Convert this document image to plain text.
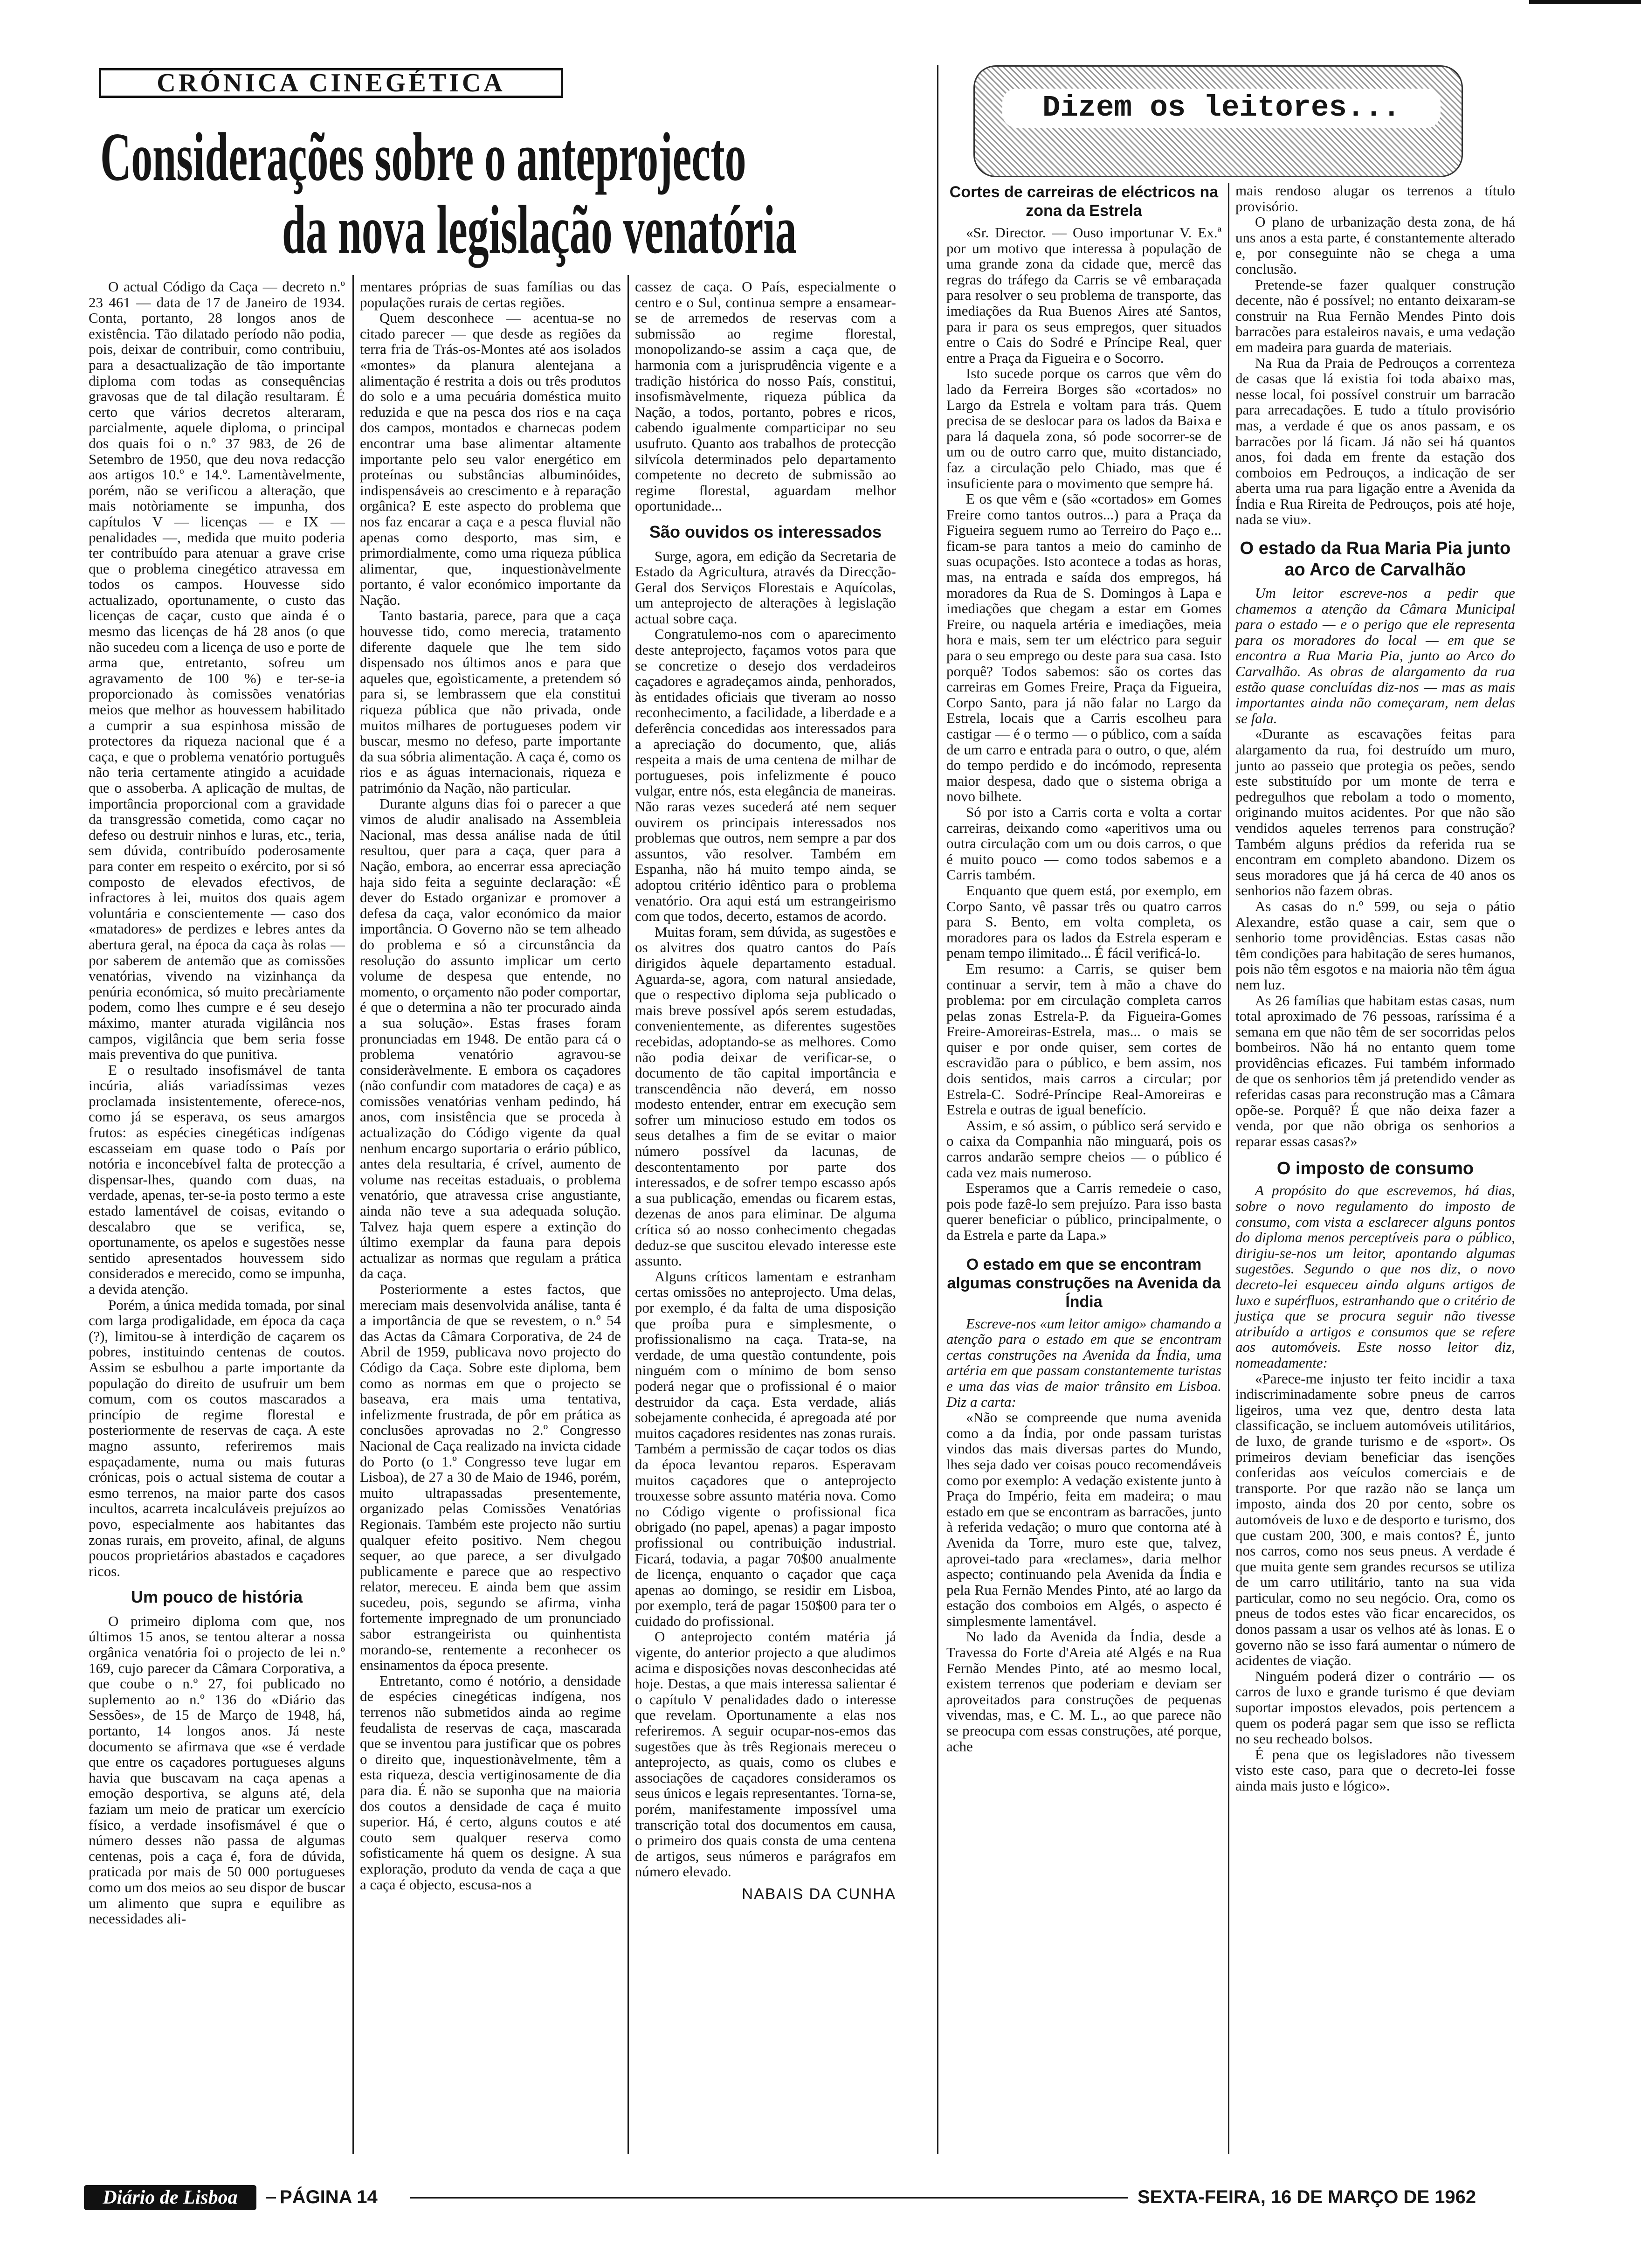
CRÓNICA CINEGÉTICA
Considerações sobre o anteprojecto
da nova legislação venatória

O actual Código da Caça — decreto n.º 23 461 — data de 17 de Janeiro de 1934. Conta, portanto, 28 longos anos de existência. Tão dilatado período não podia, pois, deixar de contribuir, como contribuiu, para a desactualização de tão importante diploma com todas as consequências gravosas que de tal dilação resultaram. É certo que vários decretos alteraram, parcialmente, aquele diploma, o principal dos quais foi o n.º 37 983, de 26 de Setembro de 1950, que deu nova redacção aos artigos 10.º e 14.º. Lamentàvelmente, porém, não se verificou a alteração, que mais notòriamente se impunha, dos capítulos V — licenças — e IX — penalidades —, medida que muito poderia ter contribuído para atenuar a grave crise que o problema cinegético atravessa em todos os campos. Houvesse sido actualizado, oportunamente, o custo das licenças de caçar, custo que ainda é o mesmo das licenças de há 28 anos (o que não sucedeu com a licença de uso e porte de arma que, entretanto, sofreu um agravamento de 100 %) e ter-se-ia proporcionado às comissões venatórias meios que melhor as houvessem habilitado a cumprir a sua espinhosa missão de protectores da riqueza nacional que é a caça, e que o problema venatório português não teria certamente atingido a acuidade que o assoberba. A aplicação de multas, de importância proporcional com a gravidade da transgressão cometida, como caçar no defeso ou destruir ninhos e luras, etc., teria, sem dúvida, contribuído poderosamente para conter em respeito o exército, por si só composto de elevados efectivos, de infractores à lei, muitos dos quais agem voluntária e conscientemente — caso dos «matadores» de perdizes e lebres antes da abertura geral, na época da caça às rolas — por saberem de antemão que as comissões venatórias, vivendo na vizinhança da penúria económica, só muito precàriamente podem, como lhes cumpre e é seu desejo máximo, manter aturada vigilância nos campos, vigilância que bem seria fosse mais preventiva do que punitiva.

E o resultado insofismável de tanta incúria, aliás variadíssimas vezes proclamada insistentemente, oferece-nos, como já se esperava, os seus amargos frutos: as espécies cinegéticas indígenas escasseiam em quase todo o País por notória e inconcebível falta de protecção a dispensar-lhes, quando com duas, na verdade, apenas, ter-se-ia posto termo a este estado lamentável de coisas, evitando o descalabro que se verifica, se, oportunamente, os apelos e sugestões nesse sentido apresentados houvessem sido considerados e merecido, como se impunha, a devida atenção.

Porém, a única medida tomada, por sinal com larga prodigalidade, em época da caça (?), limitou-se à interdição de caçarem os pobres, instituindo centenas de coutos. Assim se esbulhou a parte importante da população do direito de usufruir um bem comum, com os coutos mascarados a princípio de regime florestal e posteriormente de reservas de caça. A este magno assunto, referiremos mais espaçadamente, numa ou mais futuras crónicas, pois o actual sistema de coutar a esmo terrenos, na maior parte dos casos incultos, acarreta incalculáveis prejuízos ao povo, especialmente aos habitantes das zonas rurais, em proveito, afinal, de alguns poucos proprietários abastados e caçadores ricos.

Um pouco de história

O primeiro diploma com que, nos últimos 15 anos, se tentou alterar a nossa orgânica venatória foi o projecto de lei n.º 169, cujo parecer da Câmara Corporativa, a que coube o n.º 27, foi publicado no suplemento ao n.º 136 do «Diário das Sessões», de 15 de Março de 1948, há, portanto, 14 longos anos. Já neste documento se afirmava que «se é verdade que entre os caçadores portugueses alguns havia que buscavam na caça apenas a emoção desportiva, se alguns até, dela faziam um meio de praticar um exercício físico, a verdade insofismável é que o número desses não passa de algumas centenas, pois a caça é, fora de dúvida, praticada por mais de 50 000 portugueses como um dos meios ao seu dispor de buscar um alimento que supra e equilibre as necessidades ali-

mentares próprias de suas famílias ou das populações rurais de certas regiões.

Quem desconhece — acentua-se no citado parecer — que desde as regiões da terra fria de Trás-os-Montes até aos isolados «montes» da planura alentejana a alimentação é restrita a dois ou três produtos do solo e a uma pecuária doméstica muito reduzida e que na pesca dos rios e na caça dos campos, montados e charnecas podem encontrar uma base alimentar altamente importante pelo seu valor energético em proteínas ou substâncias albuminóides, indispensáveis ao crescimento e à reparação orgânica? E este aspecto do problema que nos faz encarar a caça e a pesca fluvial não apenas como desporto, mas sim, e primordialmente, como uma riqueza pública alimentar, que, inquestionàvelmente portanto, é valor económico importante da Nação.

Tanto bastaria, parece, para que a caça houvesse tido, como merecia, tratamento diferente daquele que lhe tem sido dispensado nos últimos anos e para que aqueles que, egoìsticamente, a pretendem só para si, se lembrassem que ela constitui riqueza pública que não privada, onde muitos milhares de portugueses podem vir buscar, mesmo no defeso, parte importante da sua sóbria alimentação. A caça é, como os rios e as águas internacionais, riqueza e património da Nação, não particular.

Durante alguns dias foi o parecer a que vimos de aludir analisado na Assembleia Nacional, mas dessa análise nada de útil resultou, quer para a caça, quer para a Nação, embora, ao encerrar essa apreciação haja sido feita a seguinte declaração: «É dever do Estado organizar e promover a defesa da caça, valor económico da maior importância. O Governo não se tem alheado do problema e só a circunstância da resolução do assunto implicar um certo volume de despesa que entende, no momento, o orçamento não poder comportar, é que o determina a não ter procurado ainda a sua solução». Estas frases foram pronunciadas em 1948. De então para cá o problema venatório agravou-se consideràvelmente. E embora os caçadores (não confundir com matadores de caça) e as comissões venatórias venham pedindo, há anos, com insistência que se proceda à actualização do Código vigente da qual nenhum encargo suportaria o erário público, antes dela resultaria, é crível, aumento de volume nas receitas estaduais, o problema venatório, que atravessa crise angustiante, ainda não teve a sua adequada solução. Talvez haja quem espere a extinção do último exemplar da fauna para depois actualizar as normas que regulam a prática da caça.

Posteriormente a estes factos, que mereciam mais desenvolvida análise, tanta é a importância de que se revestem, o n.º 54 das Actas da Câmara Corporativa, de 24 de Abril de 1959, publicava novo projecto do Código da Caça. Sobre este diploma, bem como as normas em que o projecto se baseava, era mais uma tentativa, infelizmente frustrada, de pôr em prática as conclusões aprovadas no 2.º Congresso Nacional de Caça realizado na invicta cidade do Porto (o 1.º Congresso teve lugar em Lisboa), de 27 a 30 de Maio de 1946, porém, muito ultrapassadas presentemente, organizado pelas Comissões Venatórias Regionais. Também este projecto não surtiu qualquer efeito positivo. Nem chegou sequer, ao que parece, a ser divulgado publicamente e parece que ao respectivo relator, mereceu. E ainda bem que assim sucedeu, pois, segundo se afirma, vinha fortemente impregnado de um pronunciado sabor estrangeirista ou quinhentista morando-se, rentemente a reconhecer os ensinamentos da época presente.

Entretanto, como é notório, a densidade de espécies cinegéticas indígena, nos terrenos não submetidos ainda ao regime feudalista de reservas de caça, mascarada que se inventou para justificar que os pobres o direito que, inquestionàvelmente, têm a esta riqueza, descia vertiginosamente de dia para dia. É não se suponha que na maioria dos coutos a densidade de caça é muito superior. Há, é certo, alguns coutos e até couto sem qualquer reserva como sofisticamente há quem os designe. A sua exploração, produto da venda de caça a que a caça é objecto, escusa-nos a

cassez de caça. O País, especialmente o centro e o Sul, continua sempre a ensamear-se de arremedos de reservas com a submissão ao regime florestal, monopolizando-se assim a caça que, de harmonia com a jurisprudência vigente e a tradição histórica do nosso País, constitui, insofismàvelmente, riqueza pública da Nação, a todos, portanto, pobres e ricos, cabendo igualmente comparticipar no seu usufruto. Quanto aos trabalhos de protecção silvícola determinados pelo departamento competente no decreto de submissão ao regime florestal, aguardam melhor oportunidade...

São ouvidos os interessados

Surge, agora, em edição da Secretaria de Estado da Agricultura, através da Direcção-Geral dos Serviços Florestais e Aquícolas, um anteprojecto de alterações à legislação actual sobre caça.

Congratulemo-nos com o aparecimento deste anteprojecto, façamos votos para que se concretize o desejo dos verdadeiros caçadores e agradeçamos ainda, penhorados, às entidades oficiais que tiveram ao nosso reconhecimento, a facilidade, a liberdade e a deferência concedidas aos interessados para a apreciação do documento, que, aliás respeita a mais de uma centena de milhar de portugueses, pois infelizmente é pouco vulgar, entre nós, esta elegância de maneiras. Não raras vezes sucederá até nem sequer ouvirem os principais interessados nos problemas que outros, nem sempre a par dos assuntos, vão resolver. Também em Espanha, não há muito tempo ainda, se adoptou critério idêntico para o problema venatório. Ora aqui está um estrangeirismo com que todos, decerto, estamos de acordo.

Muitas foram, sem dúvida, as sugestões e os alvitres dos quatro cantos do País dirigidos àquele departamento estadual. Aguarda-se, agora, com natural ansiedade, que o respectivo diploma seja publicado o mais breve possível após serem estudadas, convenientemente, as diferentes sugestões recebidas, adoptando-se as melhores. Como não podia deixar de verificar-se, o documento de tão capital importância e transcendência não deverá, em nosso modesto entender, entrar em execução sem sofrer um minucioso estudo em todos os seus detalhes a fim de se evitar o maior número possível da lacunas, de descontentamento por parte dos interessados, e de sofrer tempo escasso após a sua publicação, emendas ou ficarem estas, dezenas de anos para eliminar. De alguma crítica só ao nosso conhecimento chegadas deduz-se que suscitou elevado interesse este assunto.

Alguns críticos lamentam e estranham certas omissões no anteprojecto. Uma delas, por exemplo, é da falta de uma disposição que proíba pura e simplesmente, o profissionalismo na caça. Trata-se, na verdade, de uma questão contundente, pois ninguém com o mínimo de bom senso poderá negar que o profissional é o maior destruidor da caça. Esta verdade, aliás sobejamente conhecida, é apregoada até por muitos caçadores residentes nas zonas rurais. Também a permissão de caçar todos os dias da época levantou reparos. Esperavam muitos caçadores que o anteprojecto trouxesse sobre assunto matéria nova. Como no Código vigente o profissional fica obrigado (no papel, apenas) a pagar imposto profissional ou contribuição industrial. Ficará, todavia, a pagar 70$00 anualmente de licença, enquanto o caçador que caça apenas ao domingo, se residir em Lisboa, por exemplo, terá de pagar 150$00 para ter o cuidado do profissional.

O anteprojecto contém matéria já vigente, do anterior projecto a que aludimos acima e disposições novas desconhecidas até hoje. Destas, a que mais interessa salientar é o capítulo V penalidades dado o interesse que revelam. Oportunamente a elas nos referiremos. A seguir ocupar-nos-emos das sugestões que às três Regionais mereceu o anteprojecto, as quais, como os clubes e associações de caçadores consideramos os seus únicos e legais representantes. Torna-se, porém, manifestamente impossível uma transcrição total dos documentos em causa, o primeiro dos quais consta de uma centena de artigos, seus números e parágrafos em número elevado.

NABAIS DA CUNHA
Dizem os leitores...
Cortes de carreiras de eléctricos na zona da Estrela

«Sr. Director. — Ouso importunar V. Ex.ª por um motivo que interessa à população de uma grande zona da cidade que, mercê das regras do tráfego da Carris se vê embaraçada para resolver o seu problema de transporte, das imediações da Rua Buenos Aires até Santos, para ir para os seus empregos, quer situados entre o Cais do Sodré e Príncipe Real, quer entre a Praça da Figueira e o Socorro.

Isto sucede porque os carros que vêm do lado da Ferreira Borges são «cortados» no Largo da Estrela e voltam para trás. Quem precisa de se deslocar para os lados da Baixa e para lá daquela zona, só pode socorrer-se de um ou de outro carro que, muito distanciado, faz a circulação pelo Chiado, mas que é insuficiente para o movimento que sempre há.

E os que vêm e (são «cortados» em Gomes Freire como tantos outros...) para a Praça da Figueira seguem rumo ao Terreiro do Paço e... ficam-se para tantos a meio do caminho de suas ocupações. Isto acontece a todas as horas, mas, na entrada e saída dos empregos, há moradores da Rua de S. Domingos à Lapa e imediações que chegam a estar em Gomes Freire, ou naquela artéria e imediações, meia hora e mais, sem ter um eléctrico para seguir para o seu emprego ou deste para sua casa. Isto porquê? Todos sabemos: são os cortes das carreiras em Gomes Freire, Praça da Figueira, Corpo Santo, para já não falar no Largo da Estrela, locais que a Carris escolheu para castigar — é o termo — o público, com a saída de um carro e entrada para o outro, o que, além do tempo perdido e do incómodo, representa maior despesa, dado que o sistema obriga a novo bilhete.

Só por isto a Carris corta e volta a cortar carreiras, deixando como «aperitivos uma ou outra circulação com um ou dois carros, o que é muito pouco — como todos sabemos e a Carris também.

Enquanto que quem está, por exemplo, em Corpo Santo, vê passar três ou quatro carros para S. Bento, em volta completa, os moradores para os lados da Estrela esperam e penam tempo ilimitado... É fácil verificá-lo.

Em resumo: a Carris, se quiser bem continuar a servir, tem à mão a chave do problema: por em circulação completa carros pelas zonas Estrela-P. da Figueira-Gomes Freire-Amoreiras-Estrela, mas... o mais se quiser e por onde quiser, sem cortes de escravidão para o público, e bem assim, nos dois sentidos, mais carros a circular; por Estrela-C. Sodré-Príncipe Real-Amoreiras e Estrela e outras de igual benefício.

Assim, e só assim, o público será servido e o caixa da Companhia não minguará, pois os carros andarão sempre cheios — o público é cada vez mais numeroso.

Esperamos que a Carris remedeie o caso, pois pode fazê-lo sem prejuízo. Para isso basta querer beneficiar o público, principalmente, o da Estrela e parte da Lapa.»

O estado em que se encontram algumas construções na Avenida da Índia

Escreve-nos «um leitor amigo» chamando a atenção para o estado em que se encontram certas construções na Avenida da Índia, uma artéria em que passam constantemente turistas e uma das vias de maior trânsito em Lisboa. Diz a carta:

«Não se compreende que numa avenida como a da Índia, por onde passam turistas vindos das mais diversas partes do Mundo, lhes seja dado ver coisas pouco recomendáveis como por exemplo: A vedação existente junto à Praça do Império, feita em madeira; o mau estado em que se encontram as barracões, junto à referida vedação; o muro que contorna até à Avenida da Torre, muro este que, talvez, aprovei-tado para «reclames», daria melhor aspecto; continuando pela Avenida da Índia e pela Rua Fernão Mendes Pinto, até ao largo da estação dos comboios em Algés, o aspecto é simplesmente lamentável.

No lado da Avenida da Índia, desde a Travessa do Forte d'Areia até Algés e na Rua Fernão Mendes Pinto, até ao mesmo local, existem terrenos que poderiam e deviam ser aproveitados para construções de pequenas vivendas, mas, e C. M. L., ao que parece não se preocupa com essas construções, até porque, ache

mais rendoso alugar os terrenos a título provisório.

O plano de urbanização desta zona, de há uns anos a esta parte, é constantemente alterado e, por conseguinte não se chega a uma conclusão.

Pretende-se fazer qualquer construção decente, não é possível; no entanto deixaram-se construir na Rua Fernão Mendes Pinto dois barracões para estaleiros navais, e uma vedação em madeira para guarda de materiais.

Na Rua da Praia de Pedrouços a correnteza de casas que lá existia foi toda abaixo mas, nesse local, foi possível construir um barracão para arrecadações. E tudo a título provisório mas, a verdade é que os anos passam, e os barracões por lá ficam. Já não sei há quantos anos, foi dada em frente da estação dos comboios em Pedrouços, a indicação de ser aberta uma rua para ligação entre a Avenida da Índia e Rua Rireita de Pedrouços, pois até hoje, nada se viu».

O estado da Rua Maria Pia junto ao Arco de Carvalhão

Um leitor escreve-nos a pedir que chamemos a atenção da Câmara Municipal para o estado — e o perigo que ele representa para os moradores do local — em que se encontra a Rua Maria Pia, junto ao Arco do Carvalhão. As obras de alargamento da rua estão quase concluídas diz-nos — mas as mais importantes ainda não começaram, nem delas se fala.

«Durante as escavações feitas para alargamento da rua, foi destruído um muro, junto ao passeio que protegia os peões, sendo este substituído por um monte de terra e pedregulhos que rebolam a todo o momento, originando muitos acidentes. Por que não são vendidos aqueles terrenos para construção? Também alguns prédios da referida rua se encontram em completo abandono. Dizem os seus moradores que já há cerca de 40 anos os senhorios não fazem obras.

As casas do n.º 599, ou seja o pátio Alexandre, estão quase a cair, sem que o senhorio tome providências. Estas casas não têm condições para habitação de seres humanos, pois não têm esgotos e na maioria não têm água nem luz.

As 26 famílias que habitam estas casas, num total aproximado de 76 pessoas, raríssima é a semana em que não têm de ser socorridas pelos bombeiros. Não há no entanto quem tome providências eficazes. Fui também informado de que os senhorios têm já pretendido vender as referidas casas para reconstrução mas a Câmara opõe-se. Porquê? É que não deixa fazer a venda, por que não obriga os senhorios a reparar essas casas?»

O imposto de consumo

A propósito do que escrevemos, há dias, sobre o novo regulamento do imposto de consumo, com vista a esclarecer alguns pontos do diploma menos perceptíveis para o público, dirigiu-se-nos um leitor, apontando algumas sugestões. Segundo o que nos diz, o novo decreto-lei esqueceu ainda alguns artigos de luxo e supérfluos, estranhando que o critério de justiça que se procura seguir não tivesse atribuído a artigos e consumos que se refere aos automóveis. Este nosso leitor diz, nomeadamente:

«Parece-me injusto ter feito incidir a taxa indiscriminadamente sobre pneus de carros ligeiros, uma vez que, dentro desta lata classificação, se incluem automóveis utilitários, de luxo, de grande turismo e de «sport». Os primeiros deviam beneficiar das isenções conferidas aos veículos comerciais e de transporte. Por que razão não se lança um imposto, ainda dos 20 por cento, sobre os automóveis de luxo e de desporto e turismo, dos que custam 200, 300, e mais contos? É, junto nos carros, como nos seus pneus. A verdade é que muita gente sem grandes recursos se utiliza de um carro utilitário, tanto na sua vida particular, como no seu negócio. Ora, como os pneus de todos estes vão ficar encarecidos, os donos passam a usar os velhos até às lonas. E o governo não se isso fará aumentar o número de acidentes de viação.

Ninguém poderá dizer o contrário — os carros de luxo e grande turismo é que deviam suportar impostos elevados, pois pertencem a quem os poderá pagar sem que isso se reflicta no seu recheado bolsos.

É pena que os legisladores não tivessem visto este caso, para que o decreto-lei fosse ainda mais justo e lógico».

Diário de Lisboa	PÁGINA 14	SEXTA-FEIRA, 16 DE MARÇO DE 1962
